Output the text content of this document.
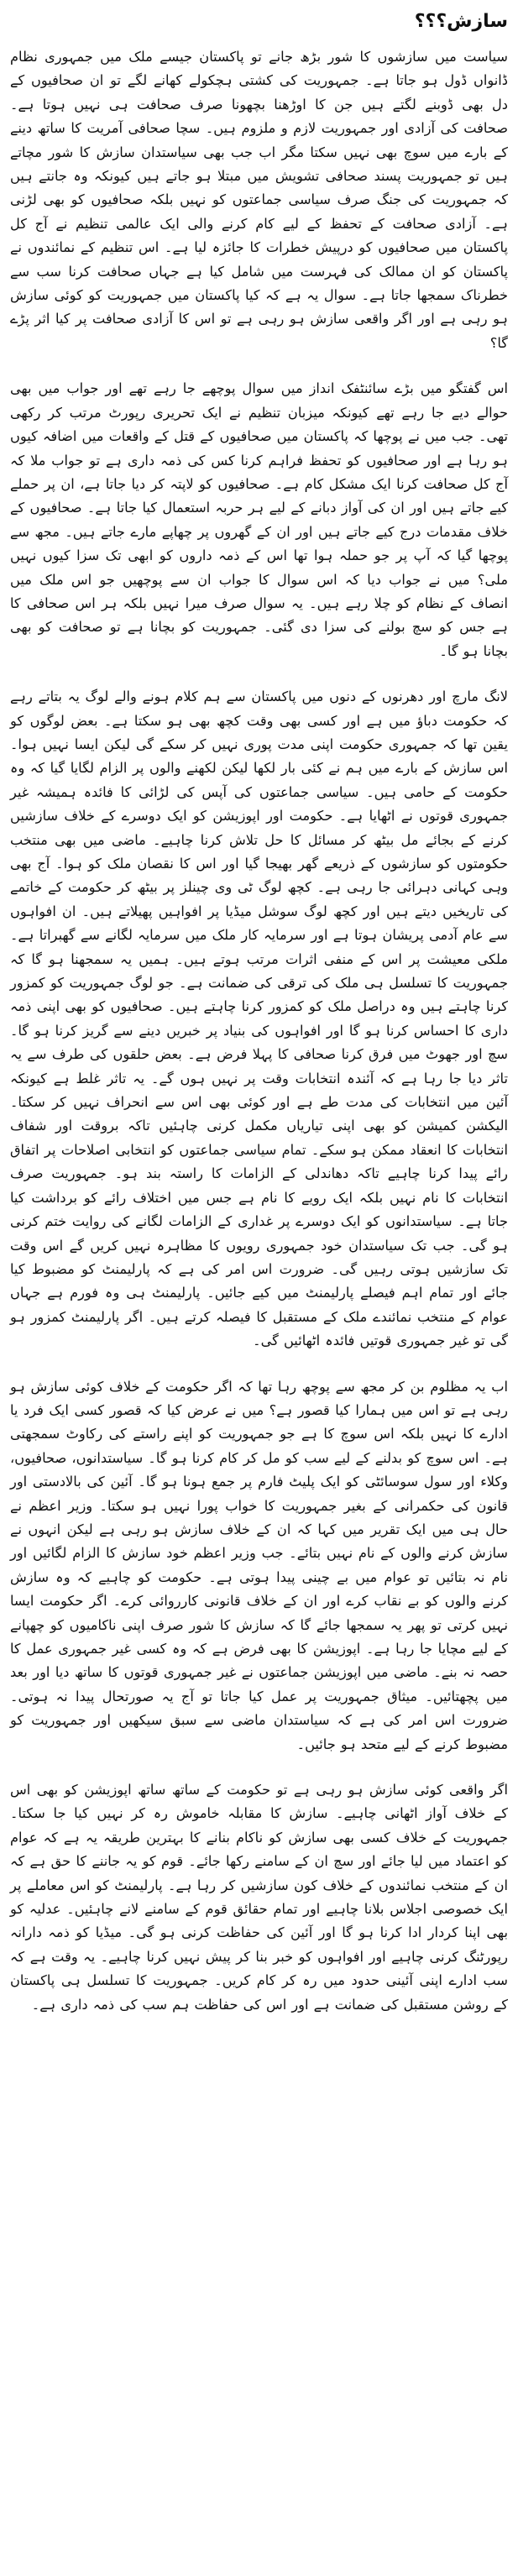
سازش؟؟؟

سیاست میں سازشوں کا شور بڑھ جانے تو پاکستان جیسے ملک میں جمہوری نظام ڈانواں ڈول ہو جاتا ہے۔ جمہوریت کی کشتی ہچکولے کھانے لگے تو ان صحافیوں کے دل بھی ڈوبنے لگتے ہیں جن کا اوڑھنا بچھونا صرف صحافت ہی نہیں ہوتا ہے۔ صحافت کی آزادی اور جمہوریت لازم و ملزوم ہیں۔ سچا صحافی آمریت کا ساتھ دینے کے بارے میں سوچ بھی نہیں سکتا مگر اب جب بھی سیاستدان سازش کا شور مچاتے ہیں تو جمہوریت پسند صحافی تشویش میں مبتلا ہو جاتے ہیں کیونکہ وہ جانتے ہیں کہ جمہوریت کی جنگ صرف سیاسی جماعتوں کو نہیں بلکہ صحافیوں کو بھی لڑنی ہے۔ آزادی صحافت کے تحفظ کے لیے کام کرنے والی ایک عالمی تنظیم نے آج کل پاکستان میں صحافیوں کو درپیش خطرات کا جائزہ لیا ہے۔ اس تنظیم کے نمائندوں نے پاکستان کو ان ممالک کی فہرست میں شامل کیا ہے جہاں صحافت کرنا سب سے خطرناک سمجھا جاتا ہے۔ سوال یہ ہے کہ کیا پاکستان میں جمہوریت کو کوئی سازش ہو رہی ہے اور اگر واقعی سازش ہو رہی ہے تو اس کا آزادی صحافت پر کیا اثر پڑے گا؟

اس گفتگو میں بڑے سائنٹفک انداز میں سوال پوچھے جا رہے تھے اور جواب میں بھی حوالے دیے جا رہے تھے کیونکہ میزبان تنظیم نے ایک تحریری رپورٹ مرتب کر رکھی تھی۔ جب میں نے پوچھا کہ پاکستان میں صحافیوں کے قتل کے واقعات میں اضافہ کیوں ہو رہا ہے اور صحافیوں کو تحفظ فراہم کرنا کس کی ذمہ داری ہے تو جواب ملا کہ آج کل صحافت کرنا ایک مشکل کام ہے۔ صحافیوں کو لاپتہ کر دیا جاتا ہے، ان پر حملے کیے جاتے ہیں اور ان کی آواز دبانے کے لیے ہر حربہ استعمال کیا جاتا ہے۔ صحافیوں کے خلاف مقدمات درج کیے جاتے ہیں اور ان کے گھروں پر چھاپے مارے جاتے ہیں۔ مجھ سے پوچھا گیا کہ آپ پر جو حملہ ہوا تھا اس کے ذمہ داروں کو ابھی تک سزا کیوں نہیں ملی؟ میں نے جواب دیا کہ اس سوال کا جواب ان سے پوچھیں جو اس ملک میں انصاف کے نظام کو چلا رہے ہیں۔ یہ سوال صرف میرا نہیں بلکہ ہر اس صحافی کا ہے جس کو سچ بولنے کی سزا دی گئی۔ جمہوریت کو بچانا ہے تو صحافت کو بھی بچانا ہو گا۔

لانگ مارچ اور دھرنوں کے دنوں میں پاکستان سے ہم کلام ہونے والے لوگ یہ بتاتے رہے کہ حکومت دباؤ میں ہے اور کسی بھی وقت کچھ بھی ہو سکتا ہے۔ بعض لوگوں کو یقین تھا کہ جمہوری حکومت اپنی مدت پوری نہیں کر سکے گی لیکن ایسا نہیں ہوا۔ اس سازش کے بارے میں ہم نے کئی بار لکھا لیکن لکھنے والوں پر الزام لگایا گیا کہ وہ حکومت کے حامی ہیں۔ سیاسی جماعتوں کی آپس کی لڑائی کا فائدہ ہمیشہ غیر جمہوری قوتوں نے اٹھایا ہے۔ حکومت اور اپوزیشن کو ایک دوسرے کے خلاف سازشیں کرنے کے بجائے مل بیٹھ کر مسائل کا حل تلاش کرنا چاہیے۔ ماضی میں بھی منتخب حکومتوں کو سازشوں کے ذریعے گھر بھیجا گیا اور اس کا نقصان ملک کو ہوا۔ آج بھی وہی کہانی دہرائی جا رہی ہے۔ کچھ لوگ ٹی وی چینلز پر بیٹھ کر حکومت کے خاتمے کی تاریخیں دیتے ہیں اور کچھ لوگ سوشل میڈیا پر افواہیں پھیلاتے ہیں۔ ان افواہوں سے عام آدمی پریشان ہوتا ہے اور سرمایہ کار ملک میں سرمایہ لگانے سے گھبراتا ہے۔ ملکی معیشت پر اس کے منفی اثرات مرتب ہوتے ہیں۔ ہمیں یہ سمجھنا ہو گا کہ جمہوریت کا تسلسل ہی ملک کی ترقی کی ضمانت ہے۔ جو لوگ جمہوریت کو کمزور کرنا چاہتے ہیں وہ دراصل ملک کو کمزور کرنا چاہتے ہیں۔ صحافیوں کو بھی اپنی ذمہ داری کا احساس کرنا ہو گا اور افواہوں کی بنیاد پر خبریں دینے سے گریز کرنا ہو گا۔ سچ اور جھوٹ میں فرق کرنا صحافی کا پہلا فرض ہے۔ بعض حلقوں کی طرف سے یہ تاثر دیا جا رہا ہے کہ آئندہ انتخابات وقت پر نہیں ہوں گے۔ یہ تاثر غلط ہے کیونکہ آئین میں انتخابات کی مدت طے ہے اور کوئی بھی اس سے انحراف نہیں کر سکتا۔ الیکشن کمیشن کو بھی اپنی تیاریاں مکمل کرنی چاہئیں تاکہ بروقت اور شفاف انتخابات کا انعقاد ممکن ہو سکے۔ تمام سیاسی جماعتوں کو انتخابی اصلاحات پر اتفاق رائے پیدا کرنا چاہیے تاکہ دھاندلی کے الزامات کا راستہ بند ہو۔ جمہوریت صرف انتخابات کا نام نہیں بلکہ ایک رویے کا نام ہے جس میں اختلاف رائے کو برداشت کیا جاتا ہے۔ سیاستدانوں کو ایک دوسرے پر غداری کے الزامات لگانے کی روایت ختم کرنی ہو گی۔ جب تک سیاستدان خود جمہوری رویوں کا مظاہرہ نہیں کریں گے اس وقت تک سازشیں ہوتی رہیں گی۔ ضرورت اس امر کی ہے کہ پارلیمنٹ کو مضبوط کیا جائے اور تمام اہم فیصلے پارلیمنٹ میں کیے جائیں۔ پارلیمنٹ ہی وہ فورم ہے جہاں عوام کے منتخب نمائندے ملک کے مستقبل کا فیصلہ کرتے ہیں۔ اگر پارلیمنٹ کمزور ہو گی تو غیر جمہوری قوتیں فائدہ اٹھائیں گی۔

اب یہ مظلوم بن کر مجھ سے پوچھ رہا تھا کہ اگر حکومت کے خلاف کوئی سازش ہو رہی ہے تو اس میں ہمارا کیا قصور ہے؟ میں نے عرض کیا کہ قصور کسی ایک فرد یا ادارے کا نہیں بلکہ اس سوچ کا ہے جو جمہوریت کو اپنے راستے کی رکاوٹ سمجھتی ہے۔ اس سوچ کو بدلنے کے لیے سب کو مل کر کام کرنا ہو گا۔ سیاستدانوں، صحافیوں، وکلاء اور سول سوسائٹی کو ایک پلیٹ فارم پر جمع ہونا ہو گا۔ آئین کی بالادستی اور قانون کی حکمرانی کے بغیر جمہوریت کا خواب پورا نہیں ہو سکتا۔ وزیر اعظم نے حال ہی میں ایک تقریر میں کہا کہ ان کے خلاف سازش ہو رہی ہے لیکن انہوں نے سازش کرنے والوں کے نام نہیں بتائے۔ جب وزیر اعظم خود سازش کا الزام لگائیں اور نام نہ بتائیں تو عوام میں بے چینی پیدا ہوتی ہے۔ حکومت کو چاہیے کہ وہ سازش کرنے والوں کو بے نقاب کرے اور ان کے خلاف قانونی کارروائی کرے۔ اگر حکومت ایسا نہیں کرتی تو پھر یہ سمجھا جائے گا کہ سازش کا شور صرف اپنی ناکامیوں کو چھپانے کے لیے مچایا جا رہا ہے۔ اپوزیشن کا بھی فرض ہے کہ وہ کسی غیر جمہوری عمل کا حصہ نہ بنے۔ ماضی میں اپوزیشن جماعتوں نے غیر جمہوری قوتوں کا ساتھ دیا اور بعد میں پچھتائیں۔ میثاق جمہوریت پر عمل کیا جاتا تو آج یہ صورتحال پیدا نہ ہوتی۔ ضرورت اس امر کی ہے کہ سیاستدان ماضی سے سبق سیکھیں اور جمہوریت کو مضبوط کرنے کے لیے متحد ہو جائیں۔

اگر واقعی کوئی سازش ہو رہی ہے تو حکومت کے ساتھ ساتھ اپوزیشن کو بھی اس کے خلاف آواز اٹھانی چاہیے۔ سازش کا مقابلہ خاموش رہ کر نہیں کیا جا سکتا۔ جمہوریت کے خلاف کسی بھی سازش کو ناکام بنانے کا بہترین طریقہ یہ ہے کہ عوام کو اعتماد میں لیا جائے اور سچ ان کے سامنے رکھا جائے۔ قوم کو یہ جاننے کا حق ہے کہ ان کے منتخب نمائندوں کے خلاف کون سازشیں کر رہا ہے۔ پارلیمنٹ کو اس معاملے پر ایک خصوصی اجلاس بلانا چاہیے اور تمام حقائق قوم کے سامنے لانے چاہئیں۔ عدلیہ کو بھی اپنا کردار ادا کرنا ہو گا اور آئین کی حفاظت کرنی ہو گی۔ میڈیا کو ذمہ دارانہ رپورٹنگ کرنی چاہیے اور افواہوں کو خبر بنا کر پیش نہیں کرنا چاہیے۔ یہ وقت ہے کہ سب ادارے اپنی آئینی حدود میں رہ کر کام کریں۔ جمہوریت کا تسلسل ہی پاکستان کے روشن مستقبل کی ضمانت ہے اور اس کی حفاظت ہم سب کی ذمہ داری ہے۔
